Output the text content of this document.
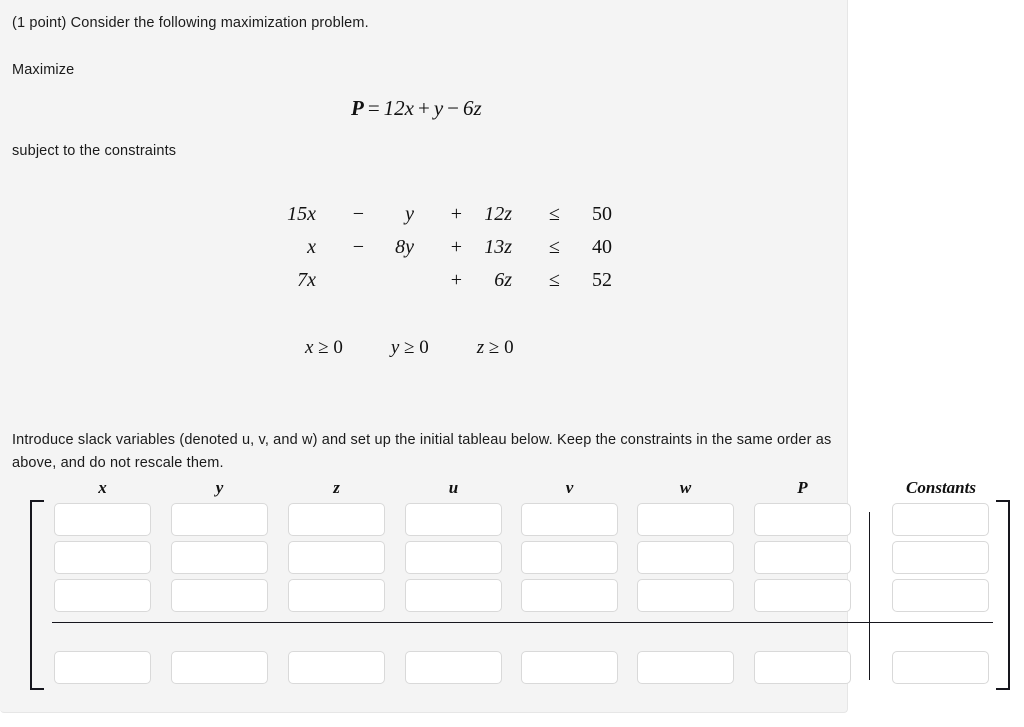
(1 point) Consider the following maximization problem.
Maximize
P = 12x + y − 6z
subject to the constraints
15x	−	y	+	12z	≤	50
x	−	8y	+	13z	≤	40
7x			+	6z	≤	52
x ≥ 0	y ≥ 0	z ≥ 0
Introduce slack variables (denoted u, v, and w) and set up the initial tableau below. Keep the constraints in the same order as above, and do not rescale them.
x	y	z	u	v	w	P	Constants
